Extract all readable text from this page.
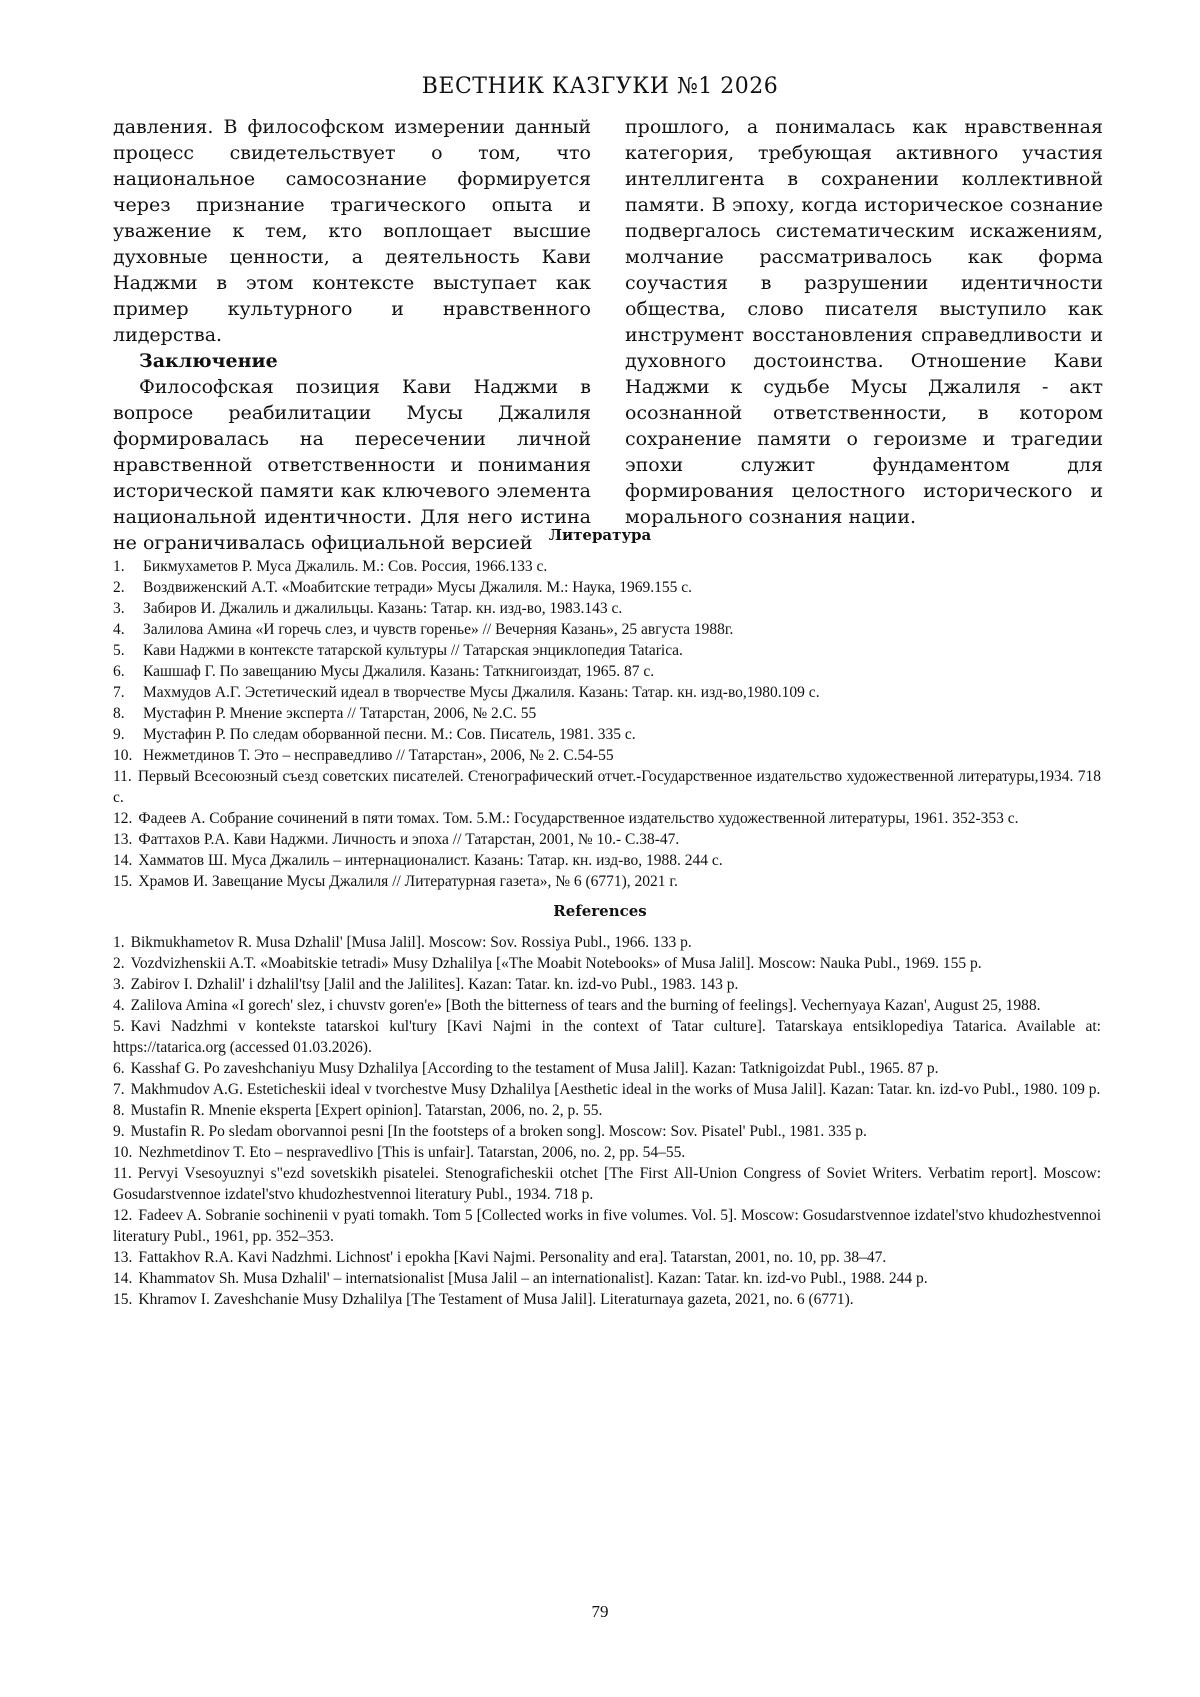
ВЕСТНИК КАЗГУКИ №1 2026

давления. В философском измерении данный процесс свидетельствует о том, что национальное самосознание формируется через признание трагического опыта и уважение к тем, кто воплощает высшие духовные ценности, а деятельность Кави Наджми в этом контексте выступает как пример культурного и нравственного лидерства.

Заключение

Философская позиция Кави Наджми в вопросе реабилитации Мусы Джалиля формировалась на пересечении личной нравственной ответственности и понимания исторической памяти как ключевого элемента национальной идентичности. Для него истина не ограничивалась официальной версией

прошлого, а понималась как нравственная категория, требующая активного участия интеллигента в сохранении коллективной памяти. В эпоху, когда историческое сознание подвергалось систематическим искажениям, молчание рассматривалось как форма соучастия в разрушении идентичности общества, слово писателя выступило как инструмент восстановления справедливости и духовного достоинства. Отношение Кави Наджми к судьбе Мусы Джалиля - акт осознанной ответственности, в котором сохранение памяти о героизме и трагедии эпохи служит фундаментом для формирования целостного исторического и морального сознания нации.

Литература
1. Бикмухаметов Р. Муса Джалиль. М.: Сов. Россия, 1966.133 с.
2. Воздвиженский А.Т. «Моабитские тетради» Мусы Джалиля. М.: Наука, 1969.155 с.
3. Забиров И. Джалиль и джалильцы. Казань: Татар. кн. изд-во, 1983.143 с.
4. Залилова Амина «И горечь слез, и чувств горенье» // Вечерняя Казань», 25 августа 1988г.
5. Кави Наджми в контексте татарской культуры // Татарская энциклопедия Tatarica.
6. Кашшаф Г. По завещанию Мусы Джалиля. Казань: Таткнигоиздат, 1965. 87 с.
7. Махмудов А.Г. Эстетический идеал в творчестве Мусы Джалиля. Казань: Татар. кн. изд-во,1980.109 с.
8. Мустафин Р. Мнение эксперта // Татарстан, 2006, № 2.С. 55
9. Мустафин Р. По следам оборванной песни. М.: Сов. Писатель, 1981. 335 с.
10. Нежметдинов Т. Это – несправедливо // Татарстан», 2006, № 2. С.54-55
11. Первый Всесоюзный съезд советских писателей. Стенографический отчет.-Государственное издательство художественной литературы,1934. 718 с.
12. Фадеев А. Собрание сочинений в пяти томах. Том. 5.М.: Государственное издательство художественной литературы, 1961. 352-353 с.
13. Фаттахов Р.А. Кави Наджми. Личность и эпоха // Татарстан, 2001, № 10.- С.38-47.
14. Хамматов Ш. Муса Джалиль – интернационалист. Казань: Татар. кн. изд-во, 1988. 244 с.
15. Храмов И. Завещание Мусы Джалиля // Литературная газета», № 6 (6771), 2021 г.
References
1. Bikmukhametov R. Musa Dzhalil' [Musa Jalil]. Moscow: Sov. Rossiya Publ., 1966. 133 p.
2. Vozdvizhenskii A.T. «Moabitskie tetradi» Musy Dzhalilya [«The Moabit Notebooks» of Musa Jalil]. Moscow: Nauka Publ., 1969. 155 p.
3. Zabirov I. Dzhalil' i dzhalil'tsy [Jalil and the Jalilites]. Kazan: Tatar. kn. izd-vo Publ., 1983. 143 p.
4. Zalilova Amina «I gorech' slez, i chuvstv goren'e» [Both the bitterness of tears and the burning of feelings]. Vechernyaya Kazan', August 25, 1988.
5. Kavi Nadzhmi v kontekste tatarskoi kul'tury [Kavi Najmi in the context of Tatar culture]. Tatarskaya entsiklopediya Tatarica. Available at: https://tatarica.org (accessed 01.03.2026).
6. Kasshaf G. Po zaveshchaniyu Musy Dzhalilya [According to the testament of Musa Jalil]. Kazan: Tatknigoizdat Publ., 1965. 87 p.
7. Makhmudov A.G. Esteticheskii ideal v tvorchestve Musy Dzhalilya [Aesthetic ideal in the works of Musa Jalil]. Kazan: Tatar. kn. izd-vo Publ., 1980. 109 p.
8. Mustafin R. Mnenie eksperta [Expert opinion]. Tatarstan, 2006, no. 2, p. 55.
9. Mustafin R. Po sledam oborvannoi pesni [In the footsteps of a broken song]. Moscow: Sov. Pisatel' Publ., 1981. 335 p.
10. Nezhmetdinov T. Eto – nespravedlivo [This is unfair]. Tatarstan, 2006, no. 2, pp. 54–55.
11. Pervyi Vsesoyuznyi s"ezd sovetskikh pisatelei. Stenograficheskii otchet [The First All-Union Congress of Soviet Writers. Verbatim report]. Moscow: Gosudarstvennoe izdatel'stvo khudozhestvennoi literatury Publ., 1934. 718 p.
12. Fadeev A. Sobranie sochinenii v pyati tomakh. Tom 5 [Collected works in five volumes. Vol. 5]. Moscow: Gosudarstvennoe izdatel'stvo khudozhestvennoi literatury Publ., 1961, pp. 352–353.
13. Fattakhov R.A. Kavi Nadzhmi. Lichnost' i epokha [Kavi Najmi. Personality and era]. Tatarstan, 2001, no. 10, pp. 38–47.
14. Khammatov Sh. Musa Dzhalil' – internatsionalist [Musa Jalil – an internationalist]. Kazan: Tatar. kn. izd-vo Publ., 1988. 244 p.
15. Khramov I. Zaveshchanie Musy Dzhalilya [The Testament of Musa Jalil]. Literaturnaya gazeta, 2021, no. 6 (6771).
79
